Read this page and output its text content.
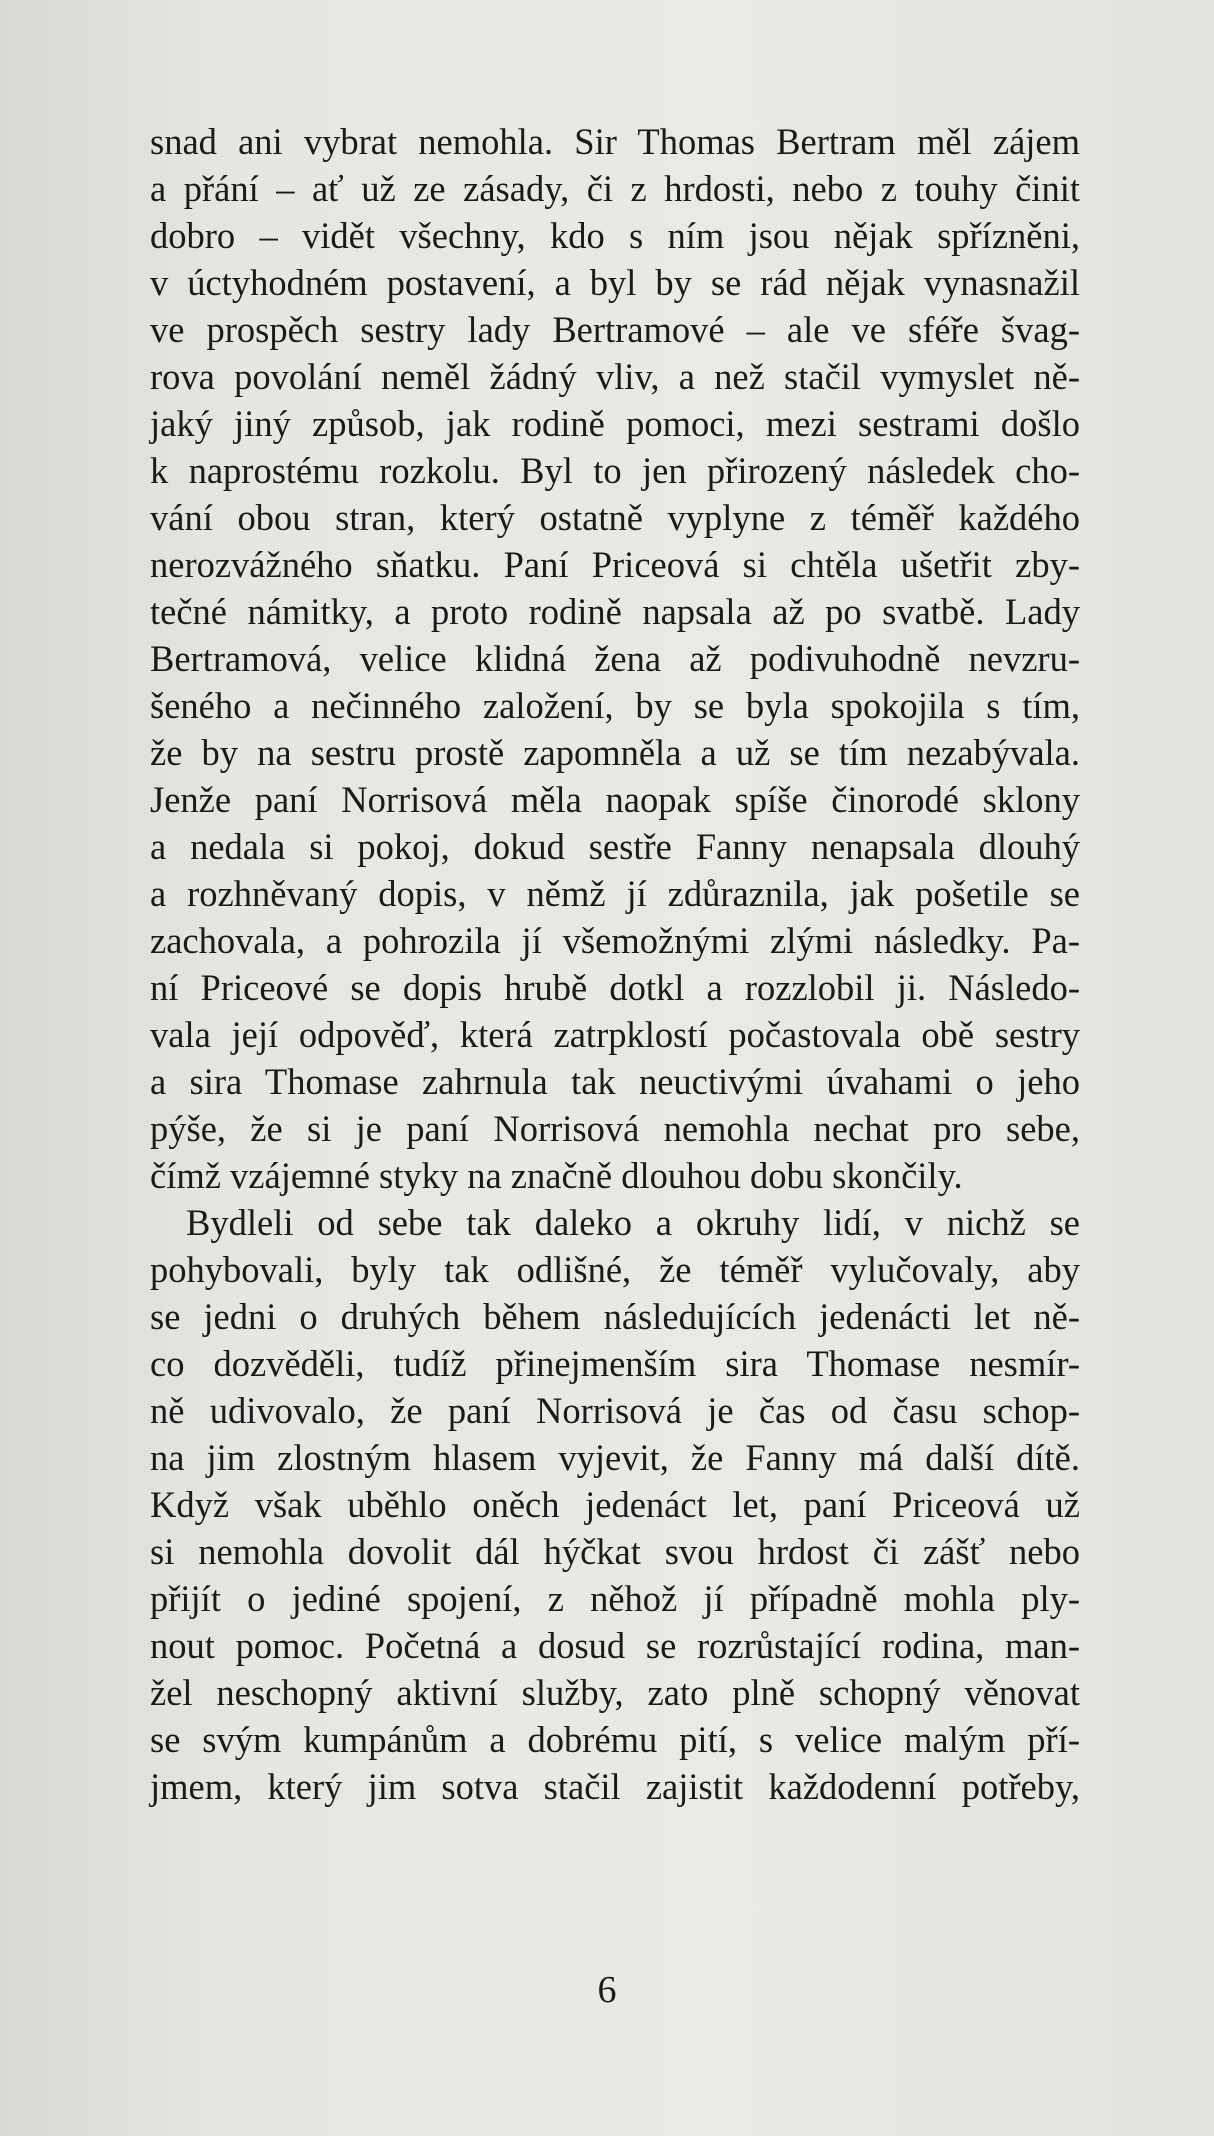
snad ani vybrat nemohla. Sir Thomas Bertram měl zájem
a přání – ať už ze zásady, či z hrdosti, nebo z touhy činit
dobro – vidět všechny, kdo s ním jsou nějak spřízněni,
v úctyhodném postavení, a byl by se rád nějak vynasnažil
ve prospěch sestry lady Bertramové – ale ve sféře švag-
rova povolání neměl žádný vliv, a než stačil vymyslet ně-
jaký jiný způsob, jak rodině pomoci, mezi sestrami došlo
k naprostému rozkolu. Byl to jen přirozený následek cho-
vání obou stran, který ostatně vyplyne z téměř každého
nerozvážného sňatku. Paní Priceová si chtěla ušetřit zby-
tečné námitky, a proto rodině napsala až po svatbě. Lady
Bertramová, velice klidná žena až podivuhodně nevzru-
šeného a nečinného založení, by se byla spokojila s tím,
že by na sestru prostě zapomněla a už se tím nezabývala.
Jenže paní Norrisová měla naopak spíše činorodé sklony
a nedala si pokoj, dokud sestře Fanny nenapsala dlouhý
a rozhněvaný dopis, v němž jí zdůraznila, jak pošetile se
zachovala, a pohrozila jí všemožnými zlými následky. Pa-
ní Priceové se dopis hrubě dotkl a rozzlobil ji. Následo-
vala její odpověď, která zatrpklostí počastovala obě sestry
a sira Thomase zahrnula tak neuctivými úvahami o jeho
pýše, že si je paní Norrisová nemohla nechat pro sebe,
čímž vzájemné styky na značně dlouhou dobu skončily.
Bydleli od sebe tak daleko a okruhy lidí, v nichž se
pohybovali, byly tak odlišné, že téměř vylučovaly, aby
se jedni o druhých během následujících jedenácti let ně-
co dozvěděli, tudíž přinejmenším sira Thomase nesmír-
ně udivovalo, že paní Norrisová je čas od času schop-
na jim zlostným hlasem vyjevit, že Fanny má další dítě.
Když však uběhlo oněch jedenáct let, paní Priceová už
si nemohla dovolit dál hýčkat svou hrdost či zášť nebo
přijít o jediné spojení, z něhož jí případně mohla ply-
nout pomoc. Početná a dosud se rozrůstající rodina, man-
žel neschopný aktivní služby, zato plně schopný věnovat
se svým kumpánům a dobrému pití, s velice malým pří-
jmem, který jim sotva stačil zajistit každodenní potřeby,
6
